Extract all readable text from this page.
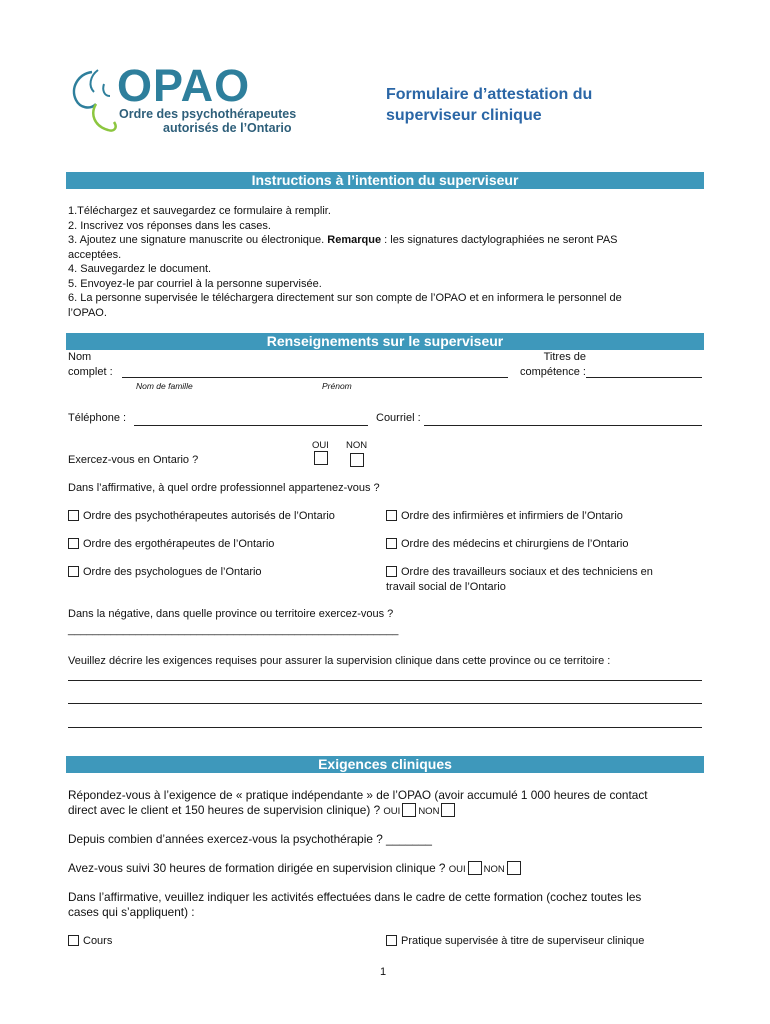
OPAO
Ordre des psychothérapeutes
autorisés de l’Ontario
Formulaire d’attestation du
superviseur clinique
Instructions à l’intention du superviseur
1.Téléchargez et sauvegardez ce formulaire à remplir.
2. Inscrivez vos réponses dans les cases.
3. Ajoutez une signature manuscrite ou électronique. Remarque : les signatures dactylographiées ne seront PAS
acceptées.
4. Sauvegardez le document.
5. Envoyez-le par courriel à la personne supervisée.
6. La personne supervisée le téléchargera directement sur son compte de l’OPAO et en informera le personnel de
l’OPAO.
Renseignements sur le superviseur
Nom
complet :
Nom de famille	Prénom
Titres de
compétence :
Téléphone :	Courriel :
OUI NON
Exercez-vous en Ontario ?
Dans l’affirmative, à quel ordre professionnel appartenez-vous ?
Ordre des psychothérapeutes autorisés de l’Ontario	Ordre des infirmières et infirmiers de l’Ontario
Ordre des ergothérapeutes de l’Ontario	Ordre des médecins et chirurgiens de l’Ontario
Ordre des psychologues de l’Ontario	Ordre des travailleurs sociaux et des techniciens en
travail social de l’Ontario
Dans la négative, dans quelle province ou territoire exercez-vous ?
______________________________________________________
Veuillez décrire les exigences requises pour assurer la supervision clinique dans cette province ou ce territoire :
Exigences cliniques
Répondez-vous à l’exigence de « pratique indépendante » de l’OPAO (avoir accumulé 1 000 heures de contact
direct avec le client et 150 heures de supervision clinique) ? OUI NON
Depuis combien d’années exercez-vous la psychothérapie ? _______
Avez-vous suivi 30 heures de formation dirigée en supervision clinique ? OUI NON
Dans l’affirmative, veuillez indiquer les activités effectuées dans le cadre de cette formation (cochez toutes les
cases qui s’appliquent) :
Cours	Pratique supervisée à titre de superviseur clinique
1
